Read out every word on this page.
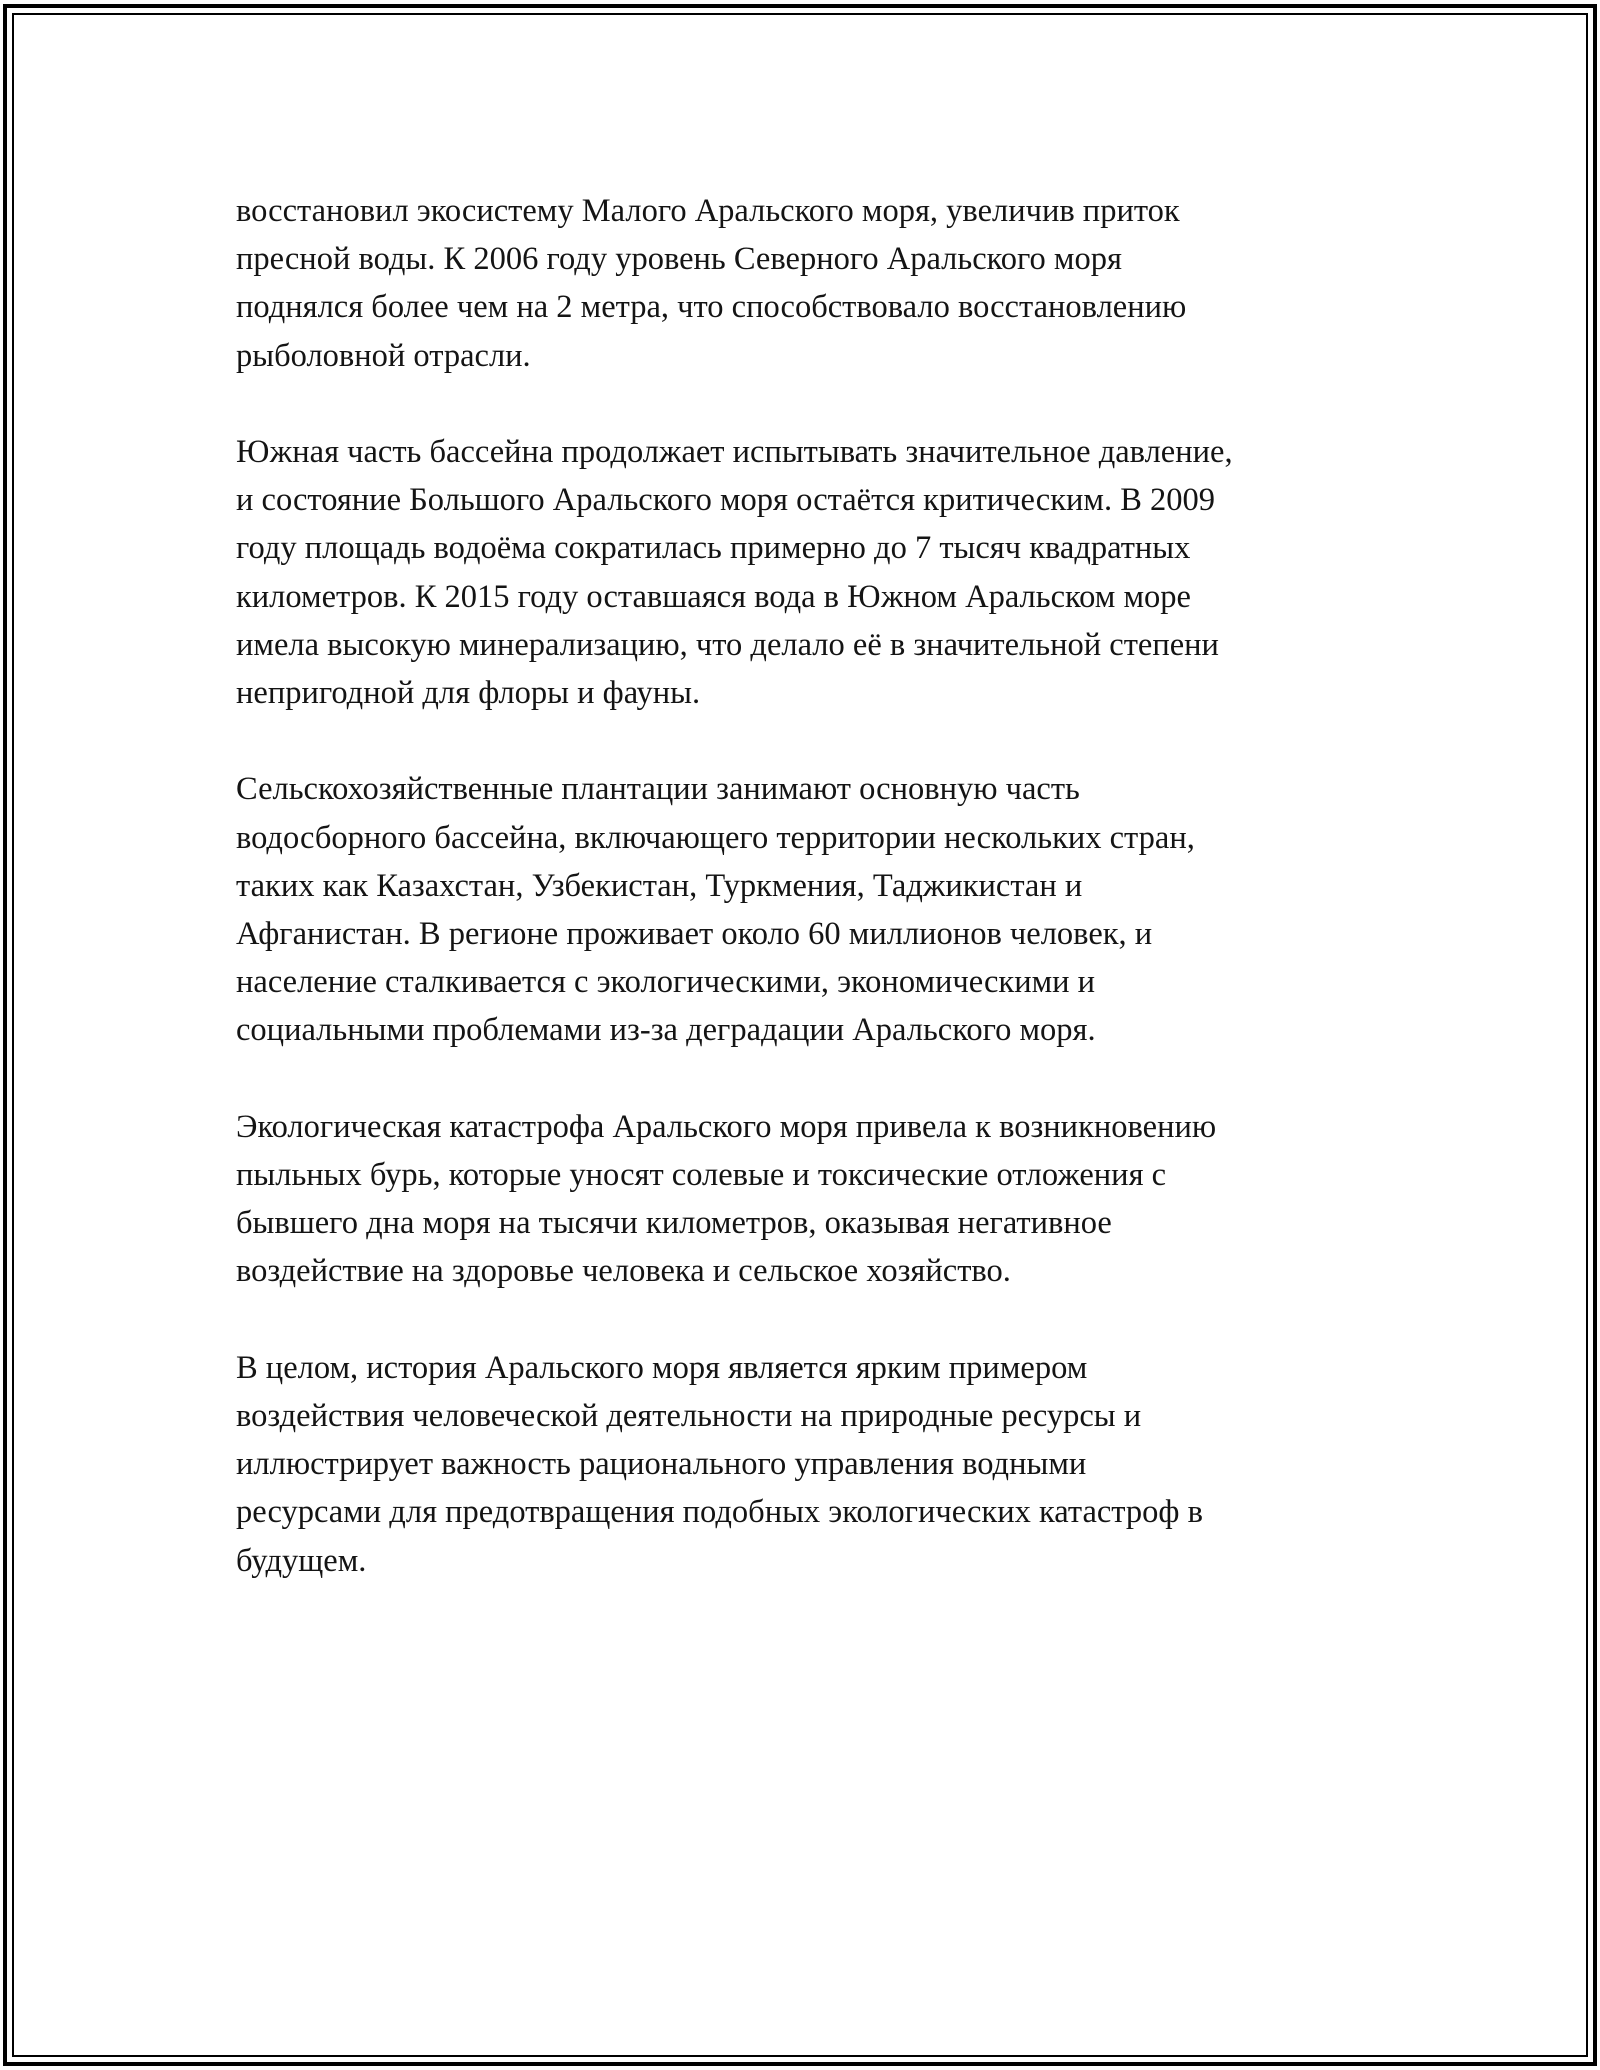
восстановил экосистему Малого Аральского моря, увеличив приток
пресной воды. К 2006 году уровень Северного Аральского моря
поднялся более чем на 2 метра, что способствовало восстановлению
рыболовной отрасли.

Южная часть бассейна продолжает испытывать значительное давление,
и состояние Большого Аральского моря остаётся критическим. В 2009
году площадь водоёма сократилась примерно до 7 тысяч квадратных
километров. К 2015 году оставшаяся вода в Южном Аральском море
имела высокую минерализацию, что делало её в значительной степени
непригодной для флоры и фауны.

Сельскохозяйственные плантации занимают основную часть
водосборного бассейна, включающего территории нескольких стран,
таких как Казахстан, Узбекистан, Туркмения, Таджикистан и
Афганистан. В регионе проживает около 60 миллионов человек, и
население сталкивается с экологическими, экономическими и
социальными проблемами из-за деградации Аральского моря.

Экологическая катастрофа Аральского моря привела к возникновению
пыльных бурь, которые уносят солевые и токсические отложения с
бывшего дна моря на тысячи километров, оказывая негативное
воздействие на здоровье человека и сельское хозяйство.

В целом, история Аральского моря является ярким примером
воздействия человеческой деятельности на природные ресурсы и
иллюстрирует важность рационального управления водными
ресурсами для предотвращения подобных экологических катастроф в
будущем.
